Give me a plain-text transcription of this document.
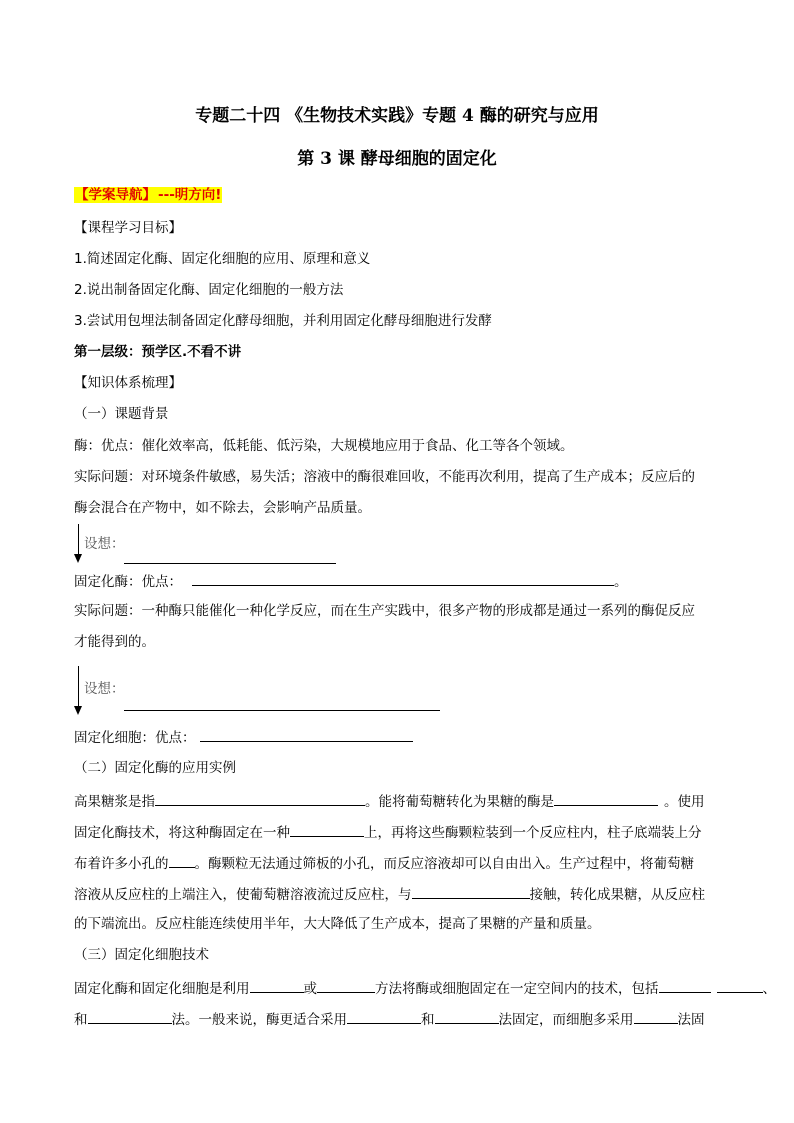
专题二十四 《生物技术实践》专题 4 酶的研究与应用
第 3 课 酵母细胞的固定化
【学案导航】 ---明方向!
【课程学习目标】
1.简述固定化酶、固定化细胞的应用、原理和意义
2.说出制备固定化酶、固定化细胞的一般方法
3.尝试用包埋法制备固定化酵母细胞，并利用固定化酵母细胞进行发酵
第一层级：预学区.不看不讲
【知识体系梳理】
（一）课题背景
酶：优点：催化效率高，低耗能、低污染，大规模地应用于食品、化工等各个领域。
实际问题：对环境条件敏感，易失活；溶液中的酶很难回收，不能再次利用，提高了生产成本；反应后的
酶会混合在产物中，如不除去，会影响产品质量。
设想：
固定化酶：优点：	。
实际问题：一种酶只能催化一种化学反应，而在生产实践中，很多产物的形成都是通过一系列的酶促反应
才能得到的。
设想：
固定化细胞：优点：
（二）固定化酶的应用实例
高果糖浆是指	。能将葡萄糖转化为果糖的酶是	。使用
固定化酶技术，将这种酶固定在一种	上，再将这些酶颗粒装到一个反应柱内，柱子底端装上分
布着许多小孔的 。酶颗粒无法通过筛板的小孔，而反应溶液却可以自由出入。生产过程中，将葡萄糖
溶液从反应柱的上端注入，使葡萄糖溶液流过反应柱，与	接触，转化成果糖，从反应柱
的下端流出。反应柱能连续使用半年，大大降低了生产成本，提高了果糖的产量和质量。
（三）固定化细胞技术
固定化酶和固定化细胞是利用	或	方法将酶或细胞固定在一定空间内的技术，包括	、
和	法。一般来说，酶更适合采用	和	法固定，而细胞多采用	法固
